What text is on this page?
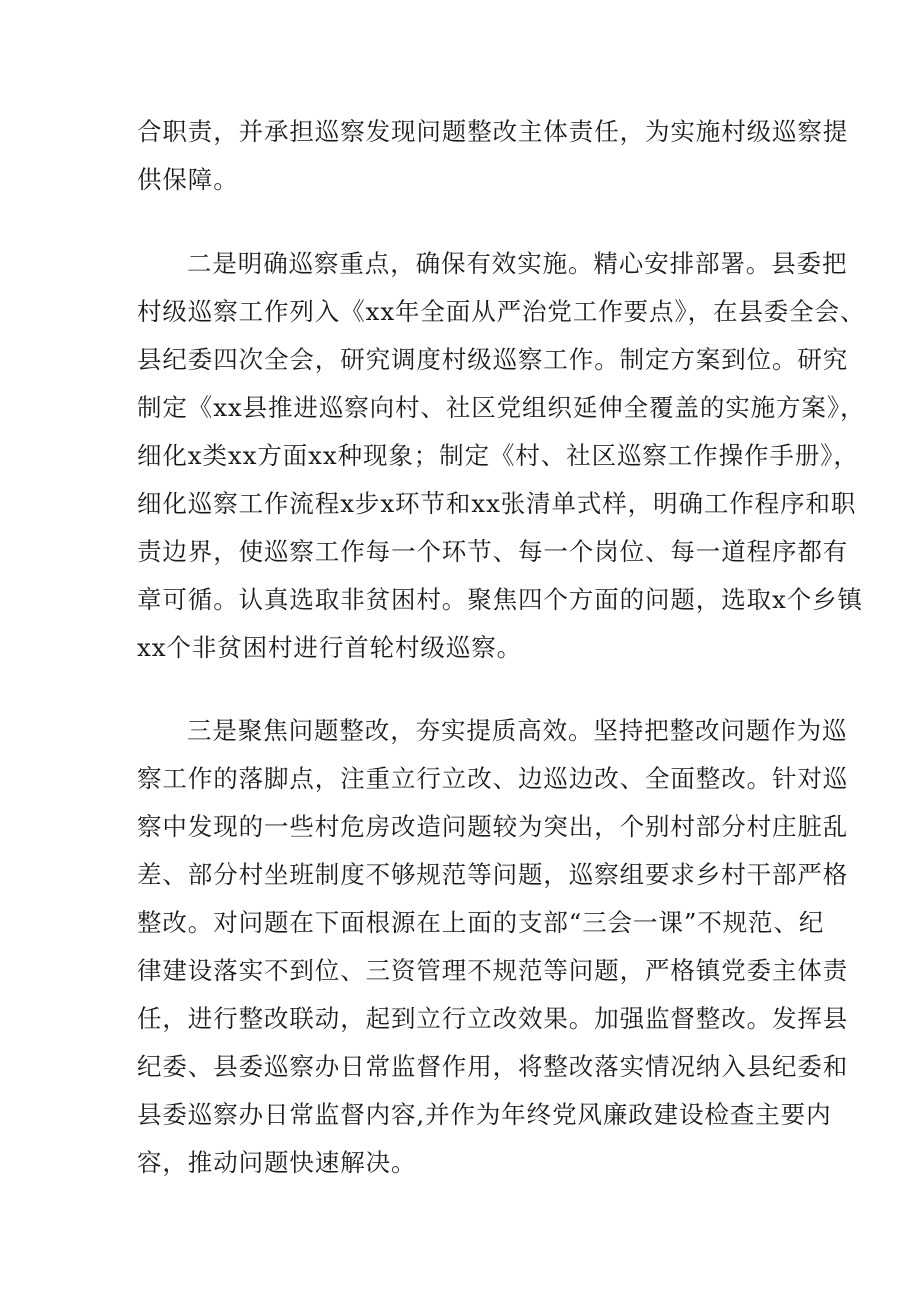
合职责，并承担巡察发现问题整改主体责任，为实施村级巡察提
供保障。
二是明确巡察重点，确保有效实施。精心安排部署。县委把
村级巡察工作列入《xx年全面从严治党工作要点》，在县委全会、
县纪委四次全会，研究调度村级巡察工作。制定方案到位。研究
制定《xx县推进巡察向村、社区党组织延伸全覆盖的实施方案》，
细化x类xx方面xx种现象；制定《村、社区巡察工作操作手册》，
细化巡察工作流程x步x环节和xx张清单式样，明确工作程序和职
责边界，使巡察工作每一个环节、每一个岗位、每一道程序都有
章可循。认真选取非贫困村。聚焦四个方面的问题，选取x个乡镇
xx个非贫困村进行首轮村级巡察。
三是聚焦问题整改，夯实提质高效。坚持把整改问题作为巡
察工作的落脚点，注重立行立改、边巡边改、全面整改。针对巡
察中发现的一些村危房改造问题较为突出，个别村部分村庄脏乱
差、部分村坐班制度不够规范等问题，巡察组要求乡村干部严格
整改。对问题在下面根源在上面的支部“三会一课”不规范、纪
律建设落实不到位、三资管理不规范等问题，严格镇党委主体责
任，进行整改联动，起到立行立改效果。加强监督整改。发挥县
纪委、县委巡察办日常监督作用，将整改落实情况纳入县纪委和
县委巡察办日常监督内容,并作为年终党风廉政建设检查主要内
容，推动问题快速解决。
